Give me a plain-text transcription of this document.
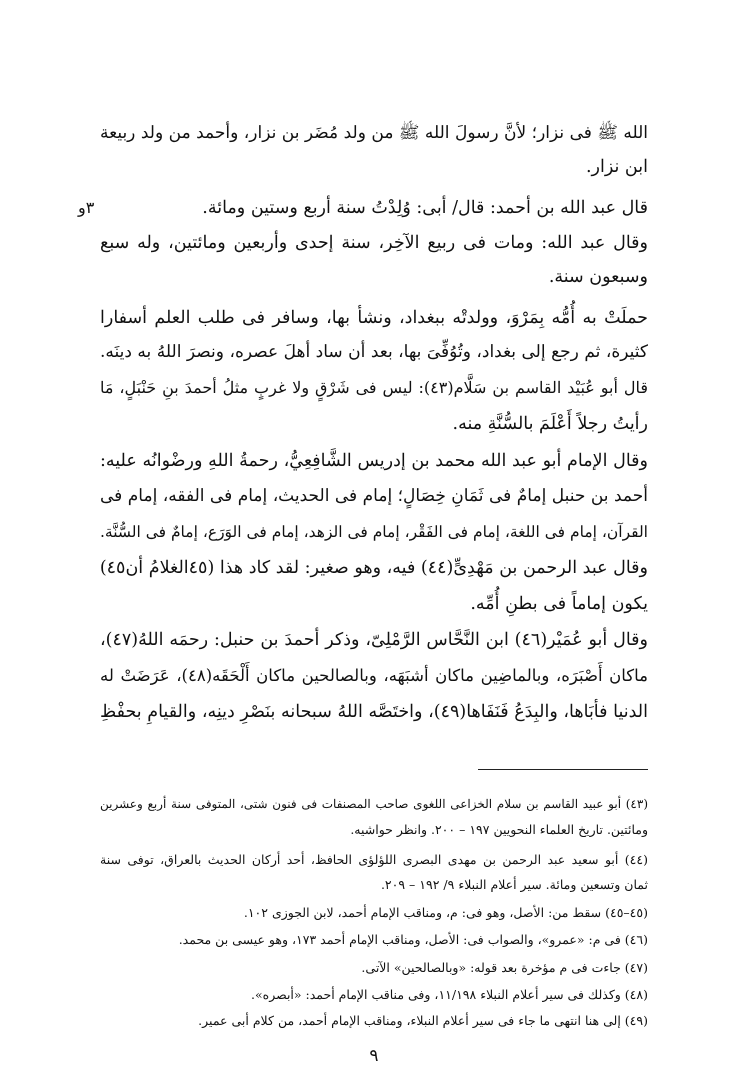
الله ﷺ فى نزار؛ لأنَّ رسولَ الله ﷺ من ولد مُضَر بن نزار، وأحمد من ولد ربيعة
ابن نزار.
٣و	قال عبد الله بن أحمد: قال/ أبى: وُلِدْتُ سنة أربع وستين ومائة.
وقال عبد الله: ومات فى ربيع الآخِر، سنة إحدى وأربعين ومائتين، وله سبع
وسبعون سنة.
حملَتْ به أُمُّه بِمَرْوَ، وولدتْه ببغداد، ونشأ بها، وسافر فى طلب العلم أسفارا
كثيرة، ثم رجع إلى بغداد، وتُوُفِّىَ بها، بعد أن ساد أهلَ عصره، ونصرَ اللهُ به دينَه.
قال أبو عُبَيْد القاسم بن سَلَّام(٤٣): ليس فى شَرْقٍ ولا غربٍ مثلُ أحمدَ بنِ حَنْبَلٍ، مَا
رأيتُ رجلاً أَعْلَمَ بالسُّنَّةِ منه.
وقال الإمام أبو عبد الله محمد بن إدريس الشَّافِعِيُّ، رحمةُ اللهِ ورضْوانُه عليه:
أحمد بن حنبل إمامٌ فى ثَمَانِ خِصَالٍ؛ إمام فى الحديث، إمام فى الفقه، إمام فى
القرآن، إمام فى اللغة، إمام فى الفَقْر، إمام فى الزهد، إمام فى الوَرَع، إمامٌ فى السُّنَّة.
وقال عبد الرحمن بن مَهْدِىٍّ(٤٤) فيه، وهو صغير: لقد كاد هذا (٤٥الغلامُ أن٤٥)
يكون إماماً فى بطنِ أُمِّه.
وقال أبو عُمَيْر(٤٦) ابن النَّحَّاس الرَّمْلِىّ، وذكر أحمدَ بن حنبل: رحمَه اللهُ(٤٧)،
ماكان أَصْبَرَه، وبالماضِين ماكان أشبَهَه، وبالصالحين ماكان أَلْحَقَه(٤٨)، عَرَضَتْ له
الدنيا فأبَاها، والبِدَعُ فَنَفَاها(٤٩)، واختَصَّه اللهُ سبحانه بنَصْرِ دينِه، والقيامِ بحفْظِ
(٤٣) أبو عبيد القاسم بن سلام الخزاعى اللغوى صاحب المصنفات فى فنون شتى، المتوفى سنة أربع وعشرين
ومائتين. تاريخ العلماء النحويين ١٩٧ – ٢٠٠. وانظر حواشيه.
(٤٤) أبو سعيد عبد الرحمن بن مهدى البصرى اللؤلؤى الحافظ، أحد أركان الحديث بالعراق، توفى سنة
ثمان وتسعين ومائة. سير أعلام النبلاء ٩/ ١٩٢ – ٢٠٩.
(٤٥–٤٥) سقط من: الأصل، وهو فى: م، ومناقب الإمام أحمد، لابن الجوزى ١٠٢.
(٤٦) فى م: «عمرو»، والصواب فى: الأصل، ومناقب الإمام أحمد ١٧٣، وهو عيسى بن محمد.
(٤٧) جاءت فى م مؤخرة بعد قوله: «وبالصالحين» الآتى.
(٤٨) وكذلك فى سير أعلام النبلاء ١١/١٩٨، وفى مناقب الإمام أحمد: «أبصره».
(٤٩) إلى هنا انتهى ما جاء فى سير أعلام النبلاء، ومناقب الإمام أحمد، من كلام أبى عمير.
٩
